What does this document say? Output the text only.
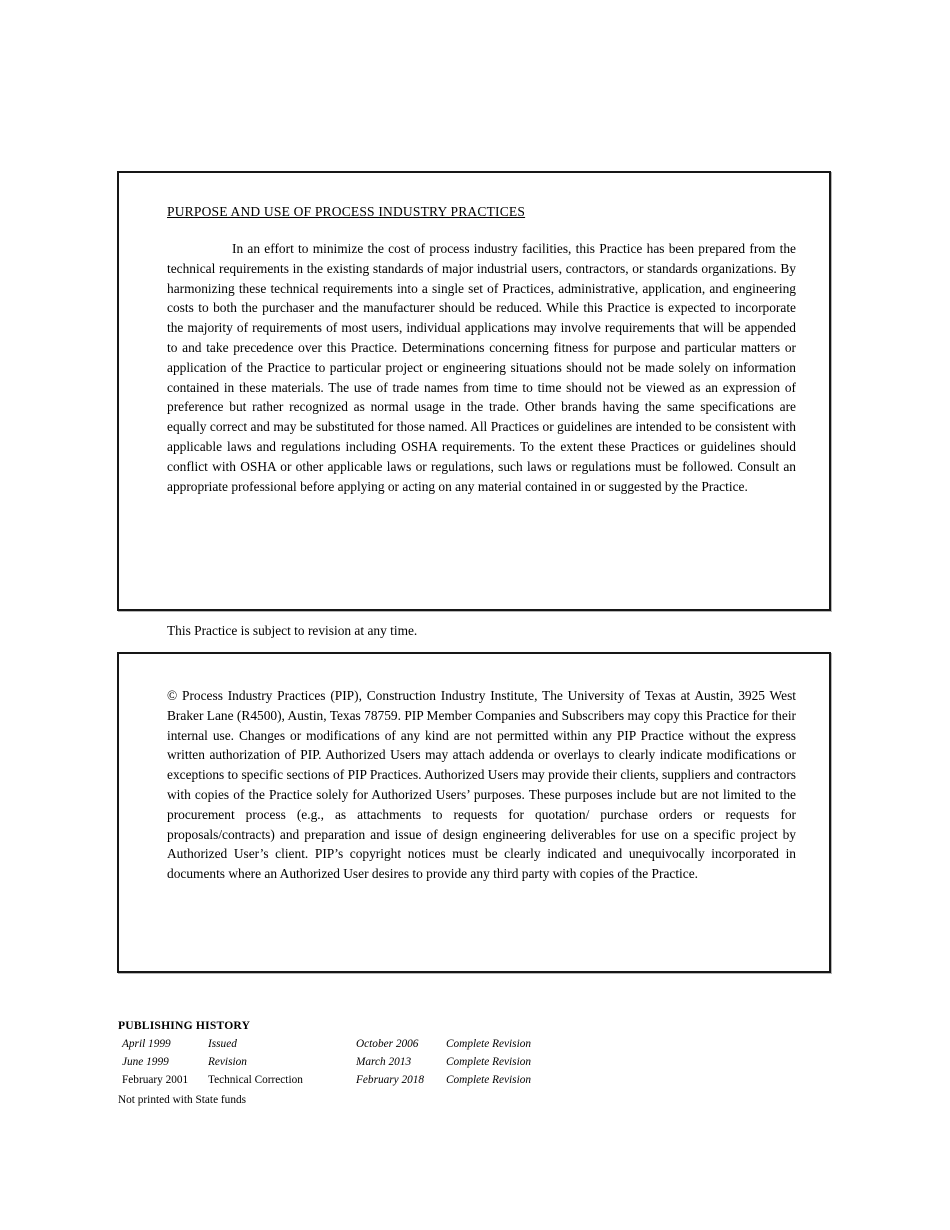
PURPOSE AND USE OF PROCESS INDUSTRY PRACTICES

In an effort to minimize the cost of process industry facilities, this Practice has been prepared from the technical requirements in the existing standards of major industrial users, contractors, or standards organizations. By harmonizing these technical requirements into a single set of Practices, administrative, application, and engineering costs to both the purchaser and the manufacturer should be reduced. While this Practice is expected to incorporate the majority of requirements of most users, individual applications may involve requirements that will be appended to and take precedence over this Practice. Determinations concerning fitness for purpose and particular matters or application of the Practice to particular project or engineering situations should not be made solely on information contained in these materials. The use of trade names from time to time should not be viewed as an expression of preference but rather recognized as normal usage in the trade. Other brands having the same specifications are equally correct and may be substituted for those named. All Practices or guidelines are intended to be consistent with applicable laws and regulations including OSHA requirements. To the extent these Practices or guidelines should conflict with OSHA or other applicable laws or regulations, such laws or regulations must be followed. Consult an appropriate professional before applying or acting on any material contained in or suggested by the Practice.

This Practice is subject to revision at any time.

© Process Industry Practices (PIP), Construction Industry Institute, The University of Texas at Austin, 3925 West Braker Lane (R4500), Austin, Texas 78759. PIP Member Companies and Subscribers may copy this Practice for their internal use. Changes or modifications of any kind are not permitted within any PIP Practice without the express written authorization of PIP. Authorized Users may attach addenda or overlays to clearly indicate modifications or exceptions to specific sections of PIP Practices. Authorized Users may provide their clients, suppliers and contractors with copies of the Practice solely for Authorized Users’ purposes. These purposes include but are not limited to the procurement process (e.g., as attachments to requests for quotation/ purchase orders or requests for proposals/contracts) and preparation and issue of design engineering deliverables for use on a specific project by Authorized User’s client. PIP’s copyright notices must be clearly indicated and unequivocally incorporated in documents where an Authorized User desires to provide any third party with copies of the Practice.

PUBLISHING HISTORY
April 1999	Issued	October 2006	Complete Revision
June 1999	Revision	March 2013	Complete Revision
February 2001	Technical Correction	February 2018	Complete Revision
Not printed with State funds
